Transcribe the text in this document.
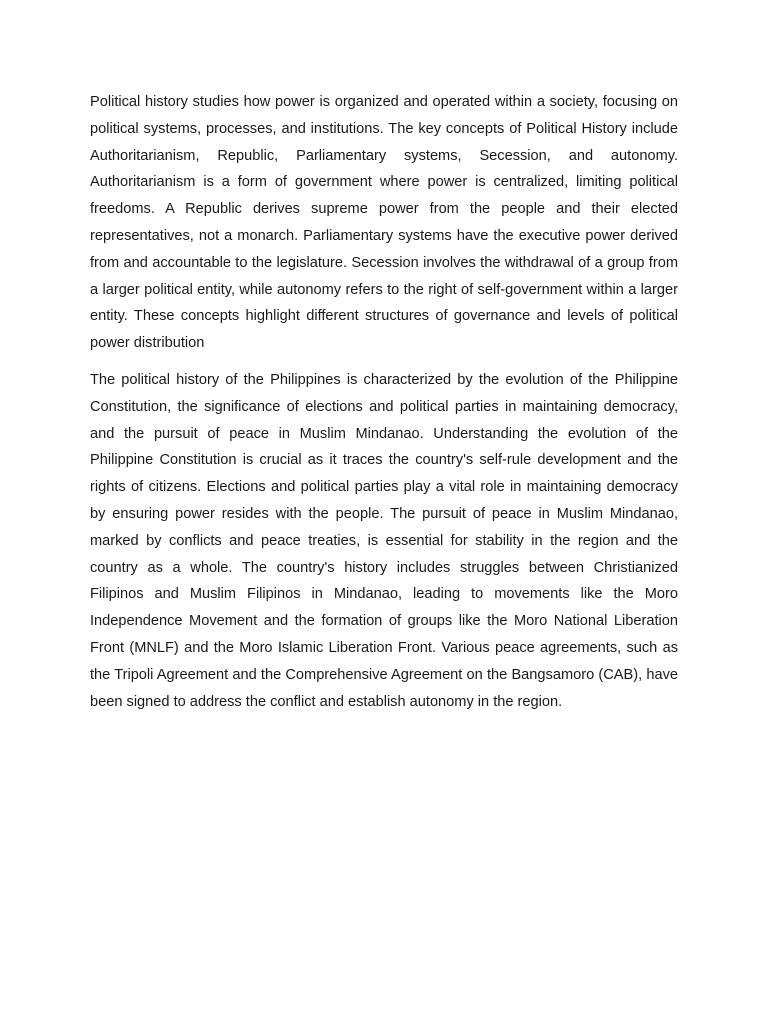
Political history studies how power is organized and operated within a society, focusing on political systems, processes, and institutions. The key concepts of Political History include Authoritarianism, Republic, Parliamentary systems, Secession, and autonomy. Authoritarianism is a form of government where power is centralized, limiting political freedoms. A Republic derives supreme power from the people and their elected representatives, not a monarch. Parliamentary systems have the executive power derived from and accountable to the legislature. Secession involves the withdrawal of a group from a larger political entity, while autonomy refers to the right of self-government within a larger entity. These concepts highlight different structures of governance and levels of political power distribution

The political history of the Philippines is characterized by the evolution of the Philippine Constitution, the significance of elections and political parties in maintaining democracy, and the pursuit of peace in Muslim Mindanao. Understanding the evolution of the Philippine Constitution is crucial as it traces the country's self-rule development and the rights of citizens. Elections and political parties play a vital role in maintaining democracy by ensuring power resides with the people. The pursuit of peace in Muslim Mindanao, marked by conflicts and peace treaties, is essential for stability in the region and the country as a whole. The country's history includes struggles between Christianized Filipinos and Muslim Filipinos in Mindanao, leading to movements like the Moro Independence Movement and the formation of groups like the Moro National Liberation Front (MNLF) and the Moro Islamic Liberation Front. Various peace agreements, such as the Tripoli Agreement and the Comprehensive Agreement on the Bangsamoro (CAB), have been signed to address the conflict and establish autonomy in the region.
